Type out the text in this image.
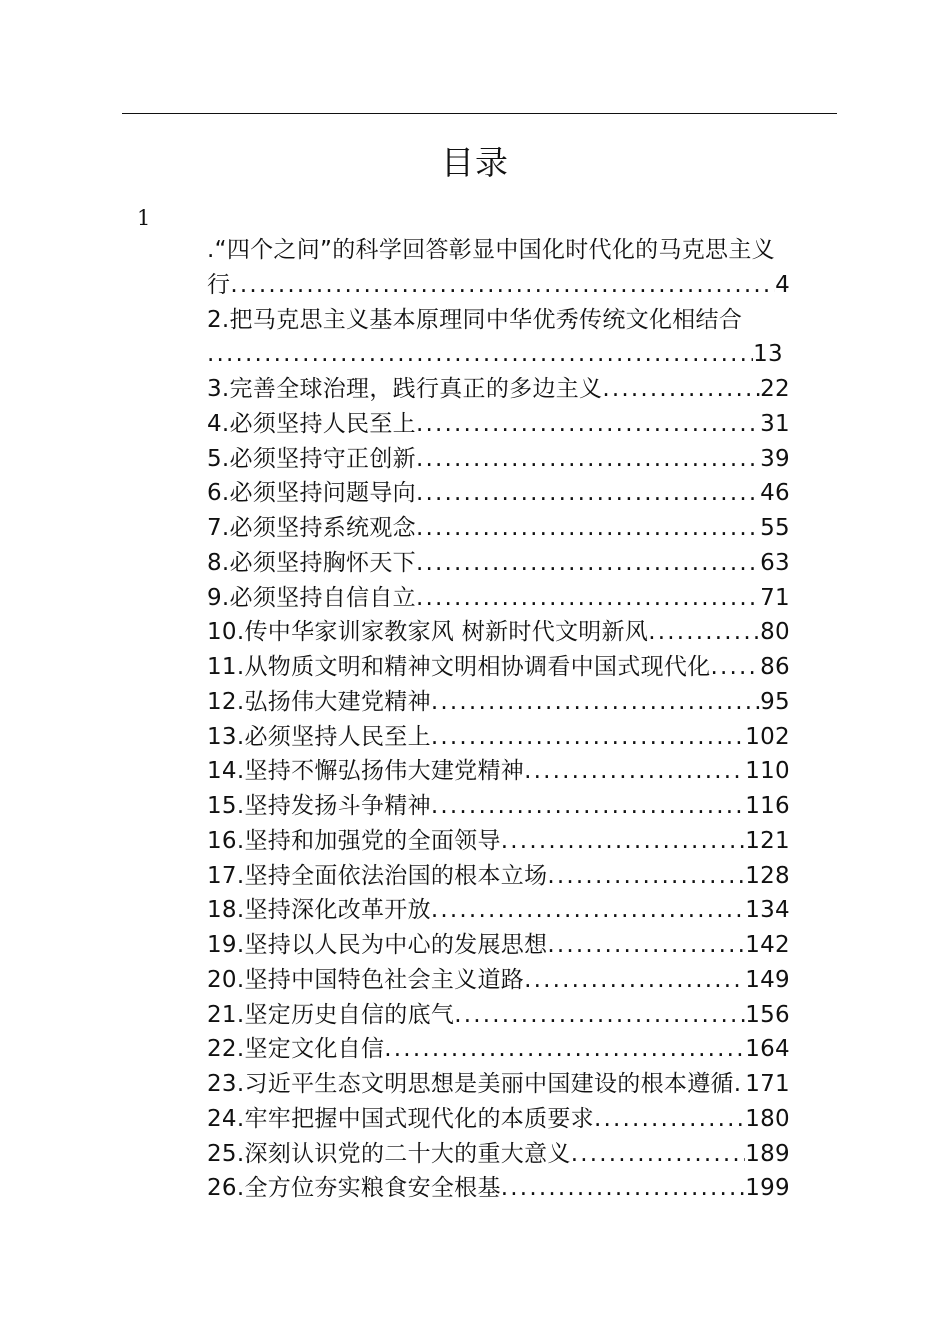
目录
1
.“四个之问”的科学回答彰显中国化时代化的马克思主义
行 .....	4
2.把马克思主义基本原理同中华优秀传统文化相结合
.....
13
3.完善全球治理，践行真正的多边主义 .....	22
4.必须坚持人民至上 .....	31
5.必须坚持守正创新 .....	39
6.必须坚持问题导向 .....	46
7.必须坚持系统观念 .....	55
8.必须坚持胸怀天下 .....	63
9.必须坚持自信自立 .....	71
10.传中华家训家教家风 树新时代文明新风 .....	80
11.从物质文明和精神文明相协调看中国式现代化 ..... 86
12.弘扬伟大建党精神 .....	95
13.必须坚持人民至上 .....	102
14.坚持不懈弘扬伟大建党精神 .....	110
15.坚持发扬斗争精神 .....	116
16.坚持和加强党的全面领导 .....	121
17.坚持全面依法治国的根本立场 .....	128
18.坚持深化改革开放 .....	134
19.坚持以人民为中心的发展思想 .....	142
20.坚持中国特色社会主义道路 .....	149
21.坚定历史自信的底气 .....	156
22.坚定文化自信 .....	164
23.习近平生态文明思想是美丽中国建设的根本遵循 ..... 171
24.牢牢把握中国式现代化的本质要求 .....	180
25.深刻认识党的二十大的重大意义 .....	189
26.全方位夯实粮食安全根基 .....	199
